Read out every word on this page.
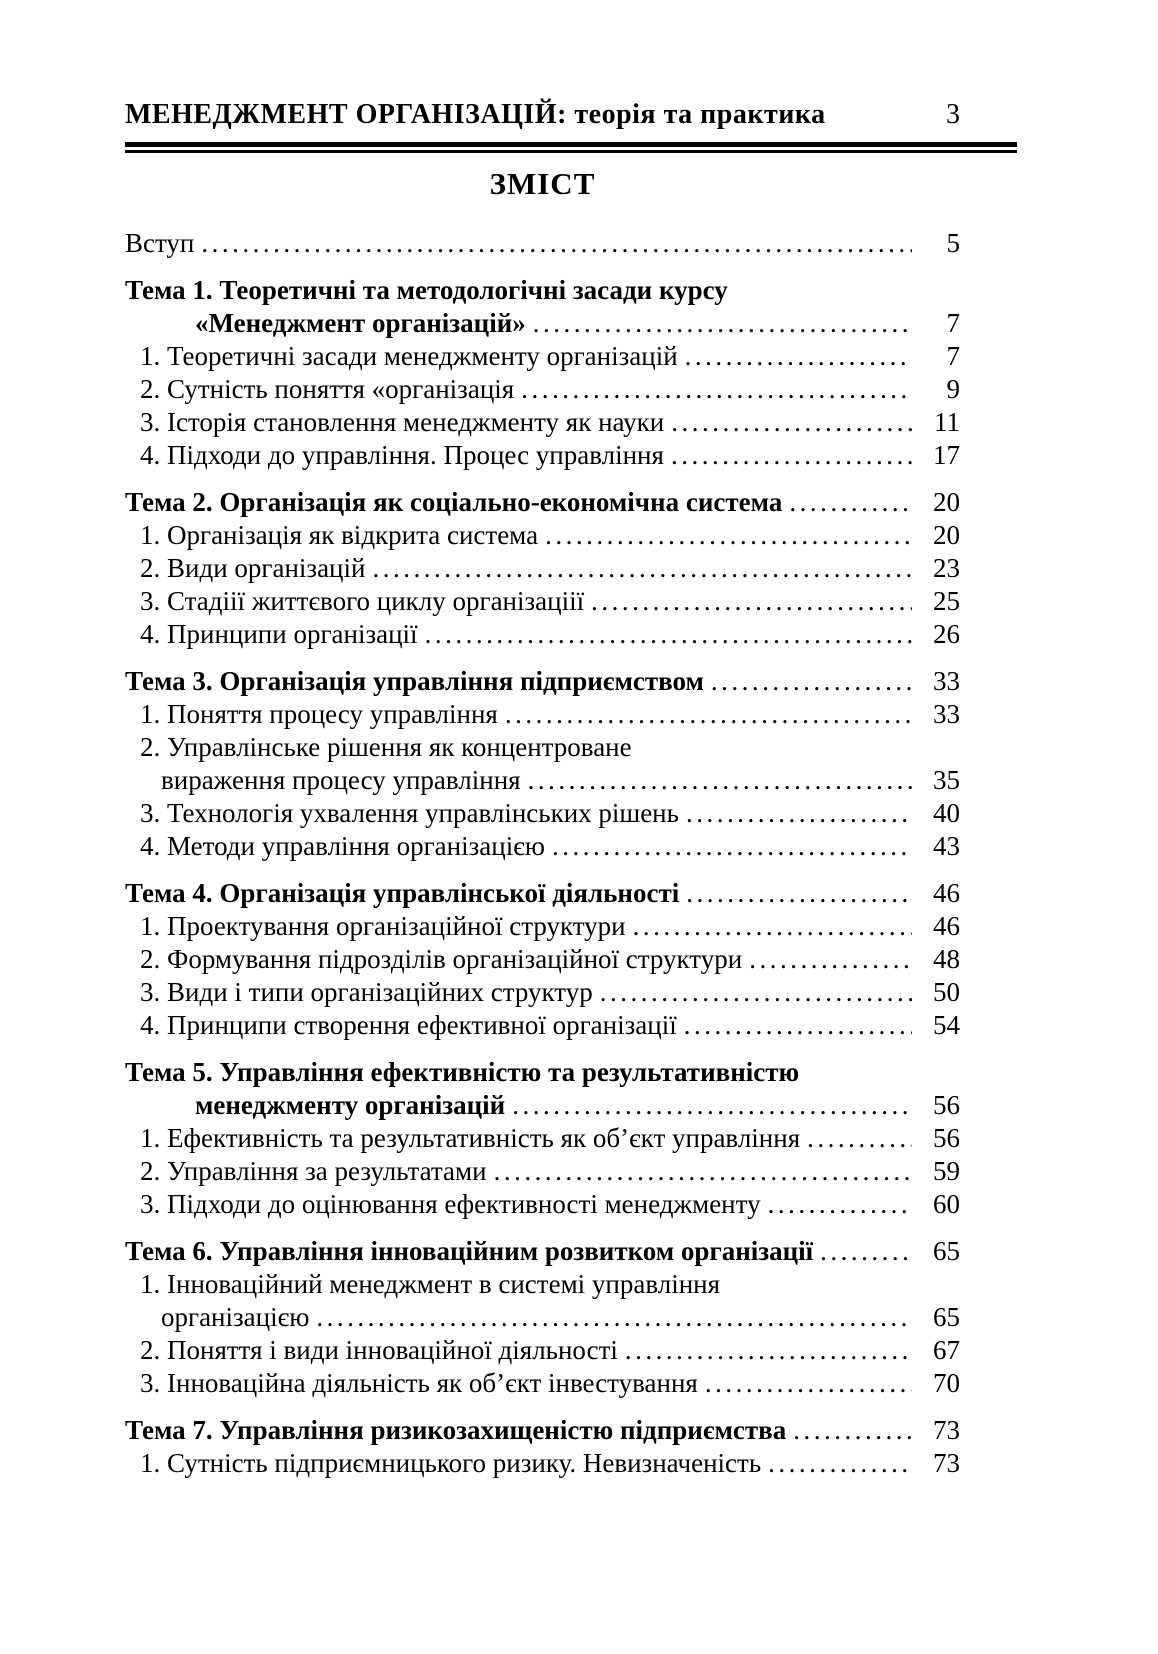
МЕНЕДЖМЕНТ ОРГАНІЗАЦІЙ: теорія та практика	3
ЗМІСТ
Вступ .....	5
Тема 1. Теоретичні та методологічні засади курсу
«Менеджмент організацій» .....	7
1. Теоретичні засади менеджменту організацій .....	7
2. Сутність поняття «організація .....	9
3. Історія становлення менеджменту як науки .....	11
4. Підходи до управління. Процес управління .....	17
Тема 2. Організація як соціально-економічна система .....	20
1. Організація як відкрита система .....	20
2. Види організацій .....	23
3. Стадіії життєвого циклу організаціії .....	25
4. Принципи організації .....	26
Тема 3. Організація управління підприємством .....	33
1. Поняття процесу управління .....	33
2. Управлінське рішення як концентроване
вираження процесу управління .....	35
3. Технологія ухвалення управлінських рішень .....	40
4. Методи управління організацією .....	43
Тема 4. Організація управлінської діяльності .....	46
1. Проектування організаційної структури .....	46
2. Формування підрозділів організаційної структури .....	48
3. Види і типи організаційних структур .....	50
4. Принципи створення ефективної організації .....	54
Тема 5. Управління ефективністю та результативністю
менеджменту організацій .....	56
1. Ефективність та результативність як об’єкт управління .....	56
2. Управління за результатами .....	59
3. Підходи до оцінювання ефективності менеджменту .....	60
Тема 6. Управління інноваційним розвитком організації .....	65
1. Інноваційний менеджмент в системі управління
організацією .....	65
2. Поняття і види інноваційної діяльності .....	67
3. Інноваційна діяльність як об’єкт інвестування .....	70
Тема 7. Управління ризикозахищеністю підприємства .....	73
1. Сутність підприємницького ризику. Невизначеність .....	73
